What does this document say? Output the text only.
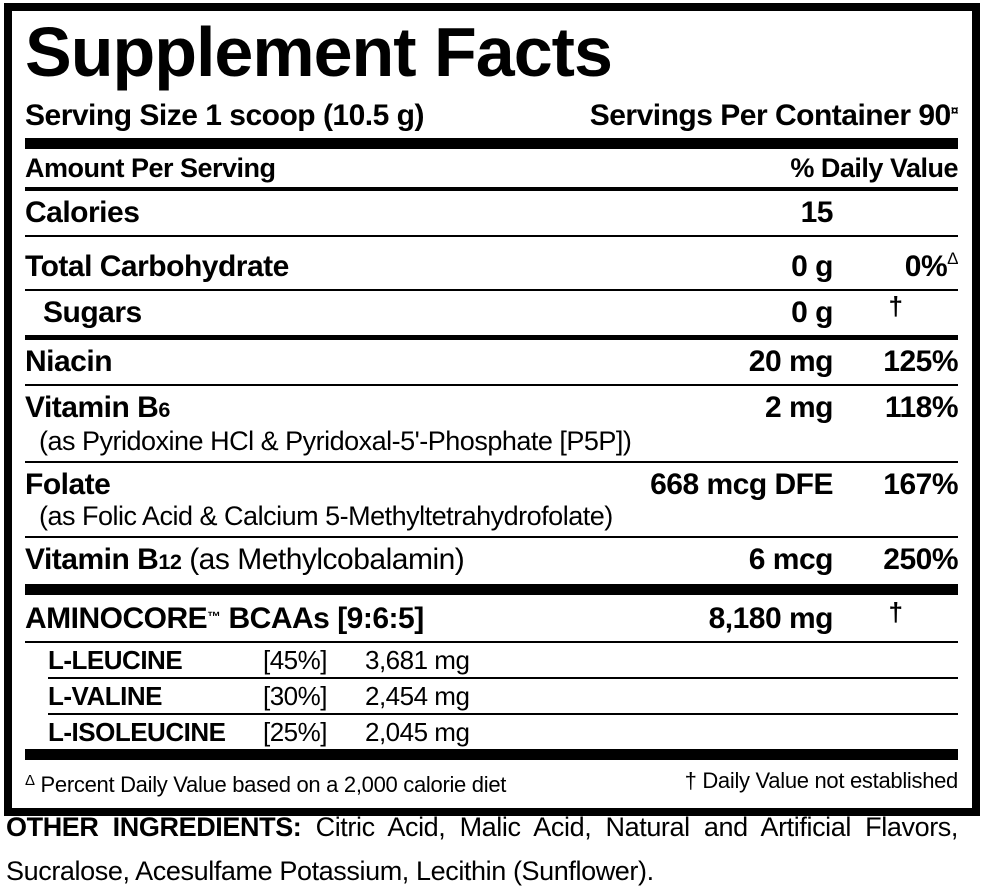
Supplement Facts
Serving Size 1 scoop (10.5 g)	Servings Per Container 90¤
Amount Per Serving	% Daily Value
Calories	15
Total Carbohydrate	0 g	0%$^\Delta$
Sugars	0 g	†
Niacin	20 mg	125%
Vitamin B6	2 mg	118%
(as Pyridoxine HCl & Pyridoxal-5'-Phosphate [P5P])
Folate	668 mcg DFE	167%
(as Folic Acid & Calcium 5-Methyltetrahydrofolate)
Vitamin B12 (as Methylcobalamin)	6 mcg	250%
AMINOCORE™ BCAAs [9:6:5]	8,180 mg	†
L-LEUCINE	[45%]	3,681 mg
L-VALINE	[30%]	2,454 mg
L-ISOLEUCINE	[25%]	2,045 mg
$^\Delta$ Percent Daily Value based on a 2,000 calorie diet	† Daily Value not established
OTHER INGREDIENTS: Citric Acid, Malic Acid, Natural and Artificial Flavors, Sucralose, Acesulfame Potassium, Lecithin (Sunflower).
